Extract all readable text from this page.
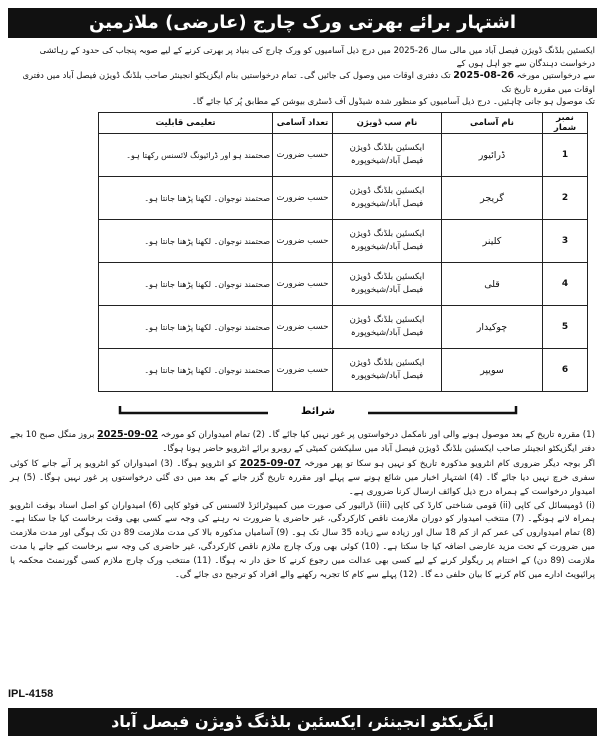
اشتہار برائے بھرتی ورک چارج (عارضی) ملازمین

ایکسئین بلڈنگ ڈویژن فیصل آباد میں مالی سال 26-2025 میں درج ذیل آسامیوں کو ورک چارج کی بنیاد پر بھرتی کرنے کے لیے صوبہ پنجاب کی حدود کے رہائشی درخواست دہندگان سے جو اہل ہوں کے

سے درخواستیں مورخہ 26-08-2025 تک دفتری اوقات میں وصول کی جائیں گی۔ تمام درخواستیں بنام ایگزیکٹو انجینئر صاحب بلڈنگ ڈویژن فیصل آباد میں دفتری اوقات میں مقررہ تاریخ تک

تک موصول ہو جانی چاہئیں۔ درج ذیل آسامیوں کو منظور شدہ شیڈول آف ڈسٹری بیوشن کے مطابق پُر کیا جائے گا۔

نمبر شمار	نام آسامی	نام سب ڈویژن	تعداد آسامی	تعلیمی قابلیت
1	ڈرائیور	ایکسئین بلڈنگ ڈویژن
فیصل آباد/شیخوپورہ	حسب ضرورت	صحتمند ہو اور ڈرائیونگ لائسنس رکھتا ہو۔
2	گریجر	ایکسئین بلڈنگ ڈویژن
فیصل آباد/شیخوپورہ	حسب ضرورت	صحتمند نوجوان۔ لکھنا پڑھنا جانتا ہو۔
3	کلینر	ایکسئین بلڈنگ ڈویژن
فیصل آباد/شیخوپورہ	حسب ضرورت	صحتمند نوجوان۔ لکھنا پڑھنا جانتا ہو۔
4	قلی	ایکسئین بلڈنگ ڈویژن
فیصل آباد/شیخوپورہ	حسب ضرورت	صحتمند نوجوان۔ لکھنا پڑھنا جانتا ہو۔
5	چوکیدار	ایکسئین بلڈنگ ڈویژن
فیصل آباد/شیخوپورہ	حسب ضرورت	صحتمند نوجوان۔ لکھنا پڑھنا جانتا ہو۔
6	سویپر	ایکسئین بلڈنگ ڈویژن
فیصل آباد/شیخوپورہ	حسب ضرورت	صحتمند نوجوان۔ لکھنا پڑھنا جانتا ہو۔
شرائط

(1) مقررہ تاریخ کے بعد موصول ہونے والی اور نامکمل درخواستوں پر غور نہیں کیا جائے گا۔ (2) تمام امیدواران کو مورخہ 02-09-2025 بروز منگل صبح 10 بجے دفتر ایگزیکٹو انجینئر صاحب ایکسئین بلڈنگ ڈویژن فیصل آباد میں سلیکشن کمیٹی کے روبرو برائے انٹرویو حاضر ہونا ہوگا۔

اگر بوجہ دیگر ضروری کام انٹرویو مذکورہ تاریخ کو نہیں ہو سکا تو پھر مورخہ 07-09-2025 کو انٹرویو ہوگا۔ (3) امیدواران کو انٹرویو پر آنے جانے کا کوئی سفری خرچ نہیں دیا جائے گا۔ (4) اشتہار اخبار میں شائع ہونے سے پہلے اور مقررہ تاریخ گزر جانے کے بعد میں دی گئی درخواستوں پر غور نہیں ہوگا۔ (5) ہر امیدوار درخواست کے ہمراہ درج ذیل کوائف ارسال کرنا ضروری ہے۔

(i) ڈومیسائل کی کاپی (ii) قومی شناختی کارڈ کی کاپی (iii) ڈرائیور کی صورت میں کمپیوٹرائزڈ لائسنس کی فوٹو کاپی (6) امیدواران کو اصل اسناد بوقت انٹرویو ہمراہ لانے ہونگے۔ (7) منتخب امیدوار کو دوران ملازمت ناقص کارکردگی، غیر حاضری یا ضرورت نہ رہنے کی وجہ سے کسی بھی وقت برخاست کیا جا سکتا ہے۔ (8) تمام امیدواروں کی عمر کم از کم 18 سال اور زیادہ سے زیادہ 35 سال تک ہو۔ (9) آسامیاں مذکورہ بالا کی مدت ملازمت 89 دن تک ہوگی اور مدت ملازمت میں ضرورت کے تحت مزید عارضی اضافہ کیا جا سکتا ہے۔ (10) کوئی بھی ورک چارج ملازم ناقص کارکردگی، غیر حاضری کی وجہ سے برخاست کیے جانے یا مدت ملازمت (89 دن) کے اختتام پر ریگولر کرنے کے لیے کسی بھی عدالت میں رجوع کرنے کا حق دار نہ ہوگا۔ (11) منتخب ورک چارج ملازم کسی گورنمنٹ محکمہ یا پرائیویٹ ادارے میں کام کرنے کا بیان حلفی دے گا۔ (12) پہلے سے کام کا تجربہ رکھنے والے افراد کو ترجیح دی جائے گی۔

IPL-4158
ایگزیکٹو انجینئر، ایکسئین بلڈنگ ڈویژن فیصل آباد
